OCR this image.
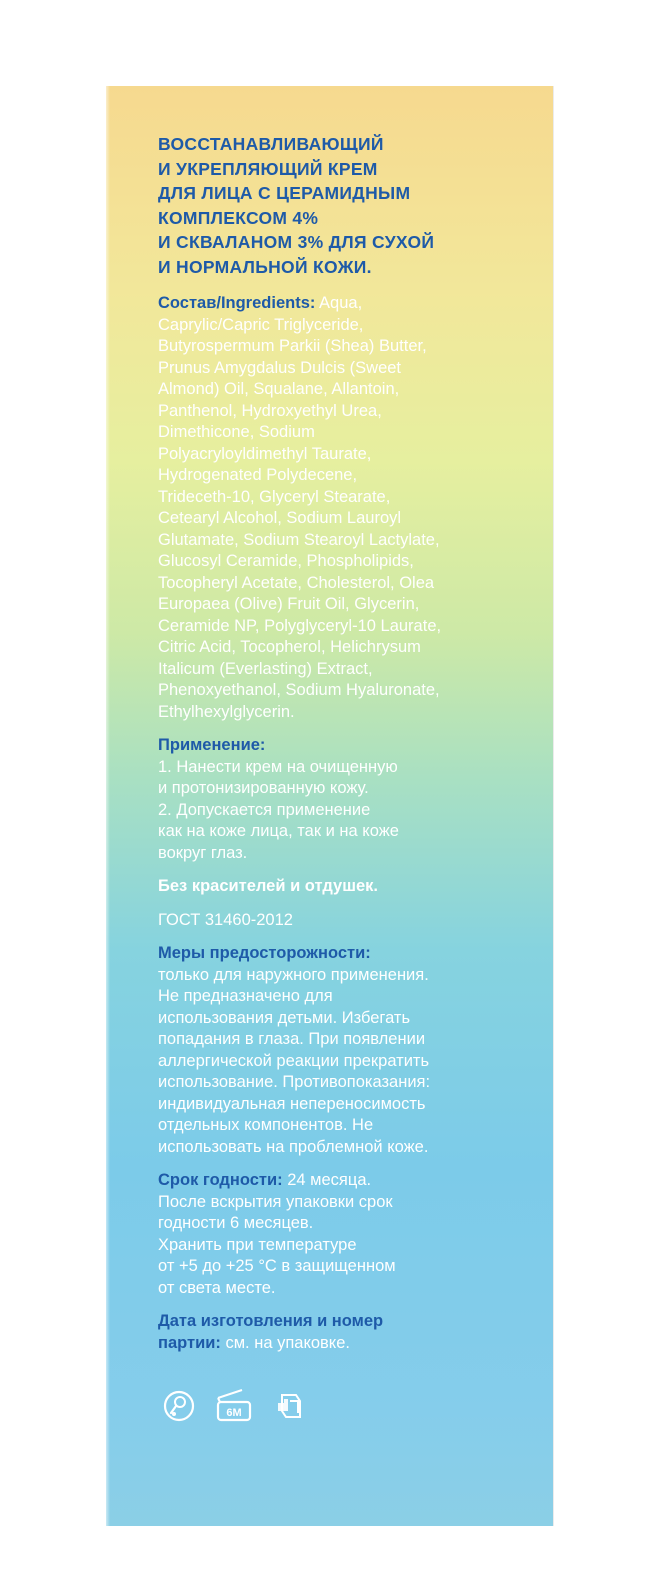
ВОССТАНАВЛИВАЮЩИЙ
И УКРЕПЛЯЮЩИЙ КРЕМ
ДЛЯ ЛИЦА С ЦЕРАМИДНЫМ
КОМПЛЕКСОМ 4%
И СКВАЛАНОМ 3% ДЛЯ СУХОЙ
И НОРМАЛЬНОЙ КОЖИ.
Состав/Ingredients: Aqua,
Caprylic/Capric Triglyceride,
Butyrospermum Parkii (Shea) Butter,
Prunus Amygdalus Dulcis (Sweet
Almond) Oil, Squalane, Allantoin,
Panthenol, Hydroxyethyl Urea,
Dimethicone, Sodium
Polyacryloyldimethyl Taurate,
Hydrogenated Polydecene,
Trideceth-10, Glyceryl Stearate,
Cetearyl Alcohol, Sodium Lauroyl
Glutamate, Sodium Stearoyl Lactylate,
Glucosyl Ceramide, Phospholipids,
Tocopheryl Acetate, Cholesterol, Olea
Europaea (Olive) Fruit Oil, Glycerin,
Ceramide NP, Polyglyceryl-10 Laurate,
Citric Acid, Tocopherol, Helichrysum
Italicum (Everlasting) Extract,
Phenoxyethanol, Sodium Hyaluronate,
Ethylhexylglycerin.
Применение:
1. Нанести крем на очищенную
и протонизированную кожу.
2. Допускается применение
как на коже лица, так и на коже
вокруг глаз.
Без красителей и отдушек.
ГОСТ 31460-2012
Меры предосторожности:
только для наружного применения.
Не предназначено для
использования детьми. Избегать
попадания в глаза. При появлении
аллергической реакции прекратить
использование. Противопоказания:
индивидуальная непереносимость
отдельных компонентов. Не
использовать на проблемной коже.
Срок годности: 24 месяца.
После вскрытия упаковки срок
годности 6 месяцев.
Хранить при температуре
от +5 до +25 °С в защищенном
от света месте.
Дата изготовления и номер
партии: см. на упаковке.
6M
